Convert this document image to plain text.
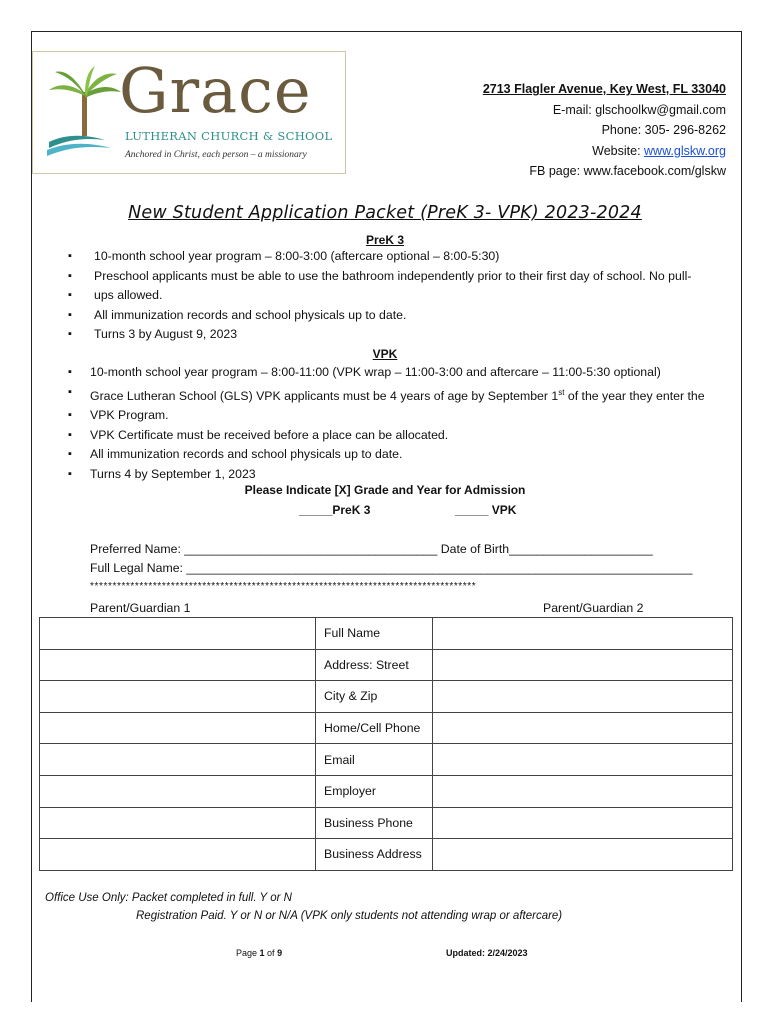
Grace
LUTHERAN CHURCH & SCHOOL
Anchored in Christ, each person – a missionary
2713 Flagler Avenue, Key West, FL 33040
E-mail: glschoolkw@gmail.com
Phone: 305- 296-8262
Website: www.glskw.org
FB page: www.facebook.com/glskw
New Student Application Packet (PreK 3- VPK) 2023-2024
PreK 3
▪ 10-month school year program – 8:00-3:00 (aftercare optional – 8:00-5:30)
▪ Preschool applicants must be able to use the bathroom independently prior to their first day of school. No pull-
▪ ups allowed.
▪ All immunization records and school physicals up to date.
▪ Turns 3 by August 9, 2023
VPK
▪ 10-month school year program – 8:00-11:00 (VPK wrap – 11:00-3:00 and aftercare – 11:00-5:30 optional)
▪ Grace Lutheran School (GLS) VPK applicants must be 4 years of age by September 1st of the year they enter the
▪ VPK Program.
▪ VPK Certificate must be received before a place can be allocated.
▪ All immunization records and school physicals up to date.
▪ Turns 4 by September 1, 2023
Please Indicate [X] Grade and Year for Admission
_____PreK 3	_____ VPK
Preferred Name: _____________________________________ Date of Birth_____________________
Full Legal Name: __________________________________________________________________________
**************************************************************************************
Parent/Guardian 1	Parent/Guardian 2
	Full Name	
	Address: Street	
	City & Zip	
	Home/Cell Phone	
	Email	
	Employer	
	Business Phone	
	Business Address	
Office Use Only: Packet completed in full. Y or N
Registration Paid. Y or N or N/A (VPK only students not attending wrap or aftercare)
Page 1 of 9	Updated: 2/24/2023
